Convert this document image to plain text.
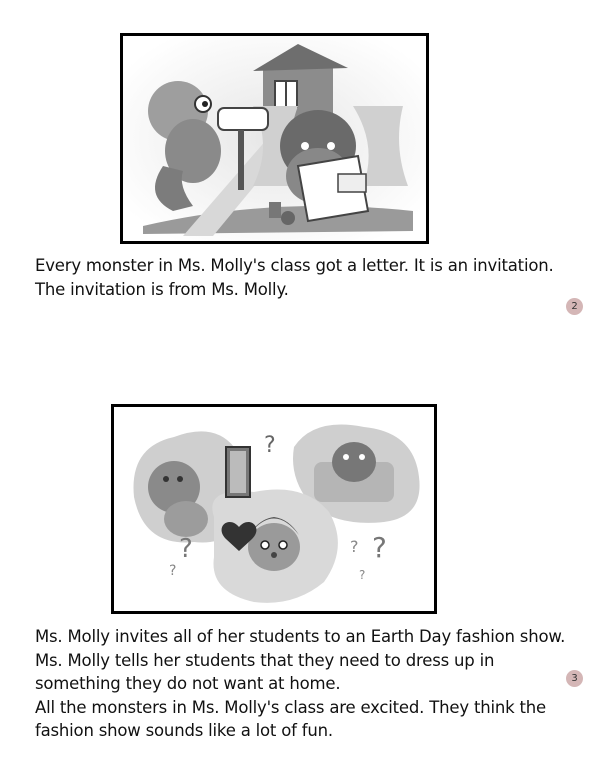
Every monster in Ms. Molly's class got a letter. It is an invitation.
The invitation is from Ms. Molly.
2
?
?	?
?
?	?
Ms. Molly invites all of her students to an Earth Day fashion show.
Ms. Molly tells her students that they need to dress up in
something they do not want at home.
All the monsters in Ms. Molly's class are excited. They think the
fashion show sounds like a lot of fun.
3
